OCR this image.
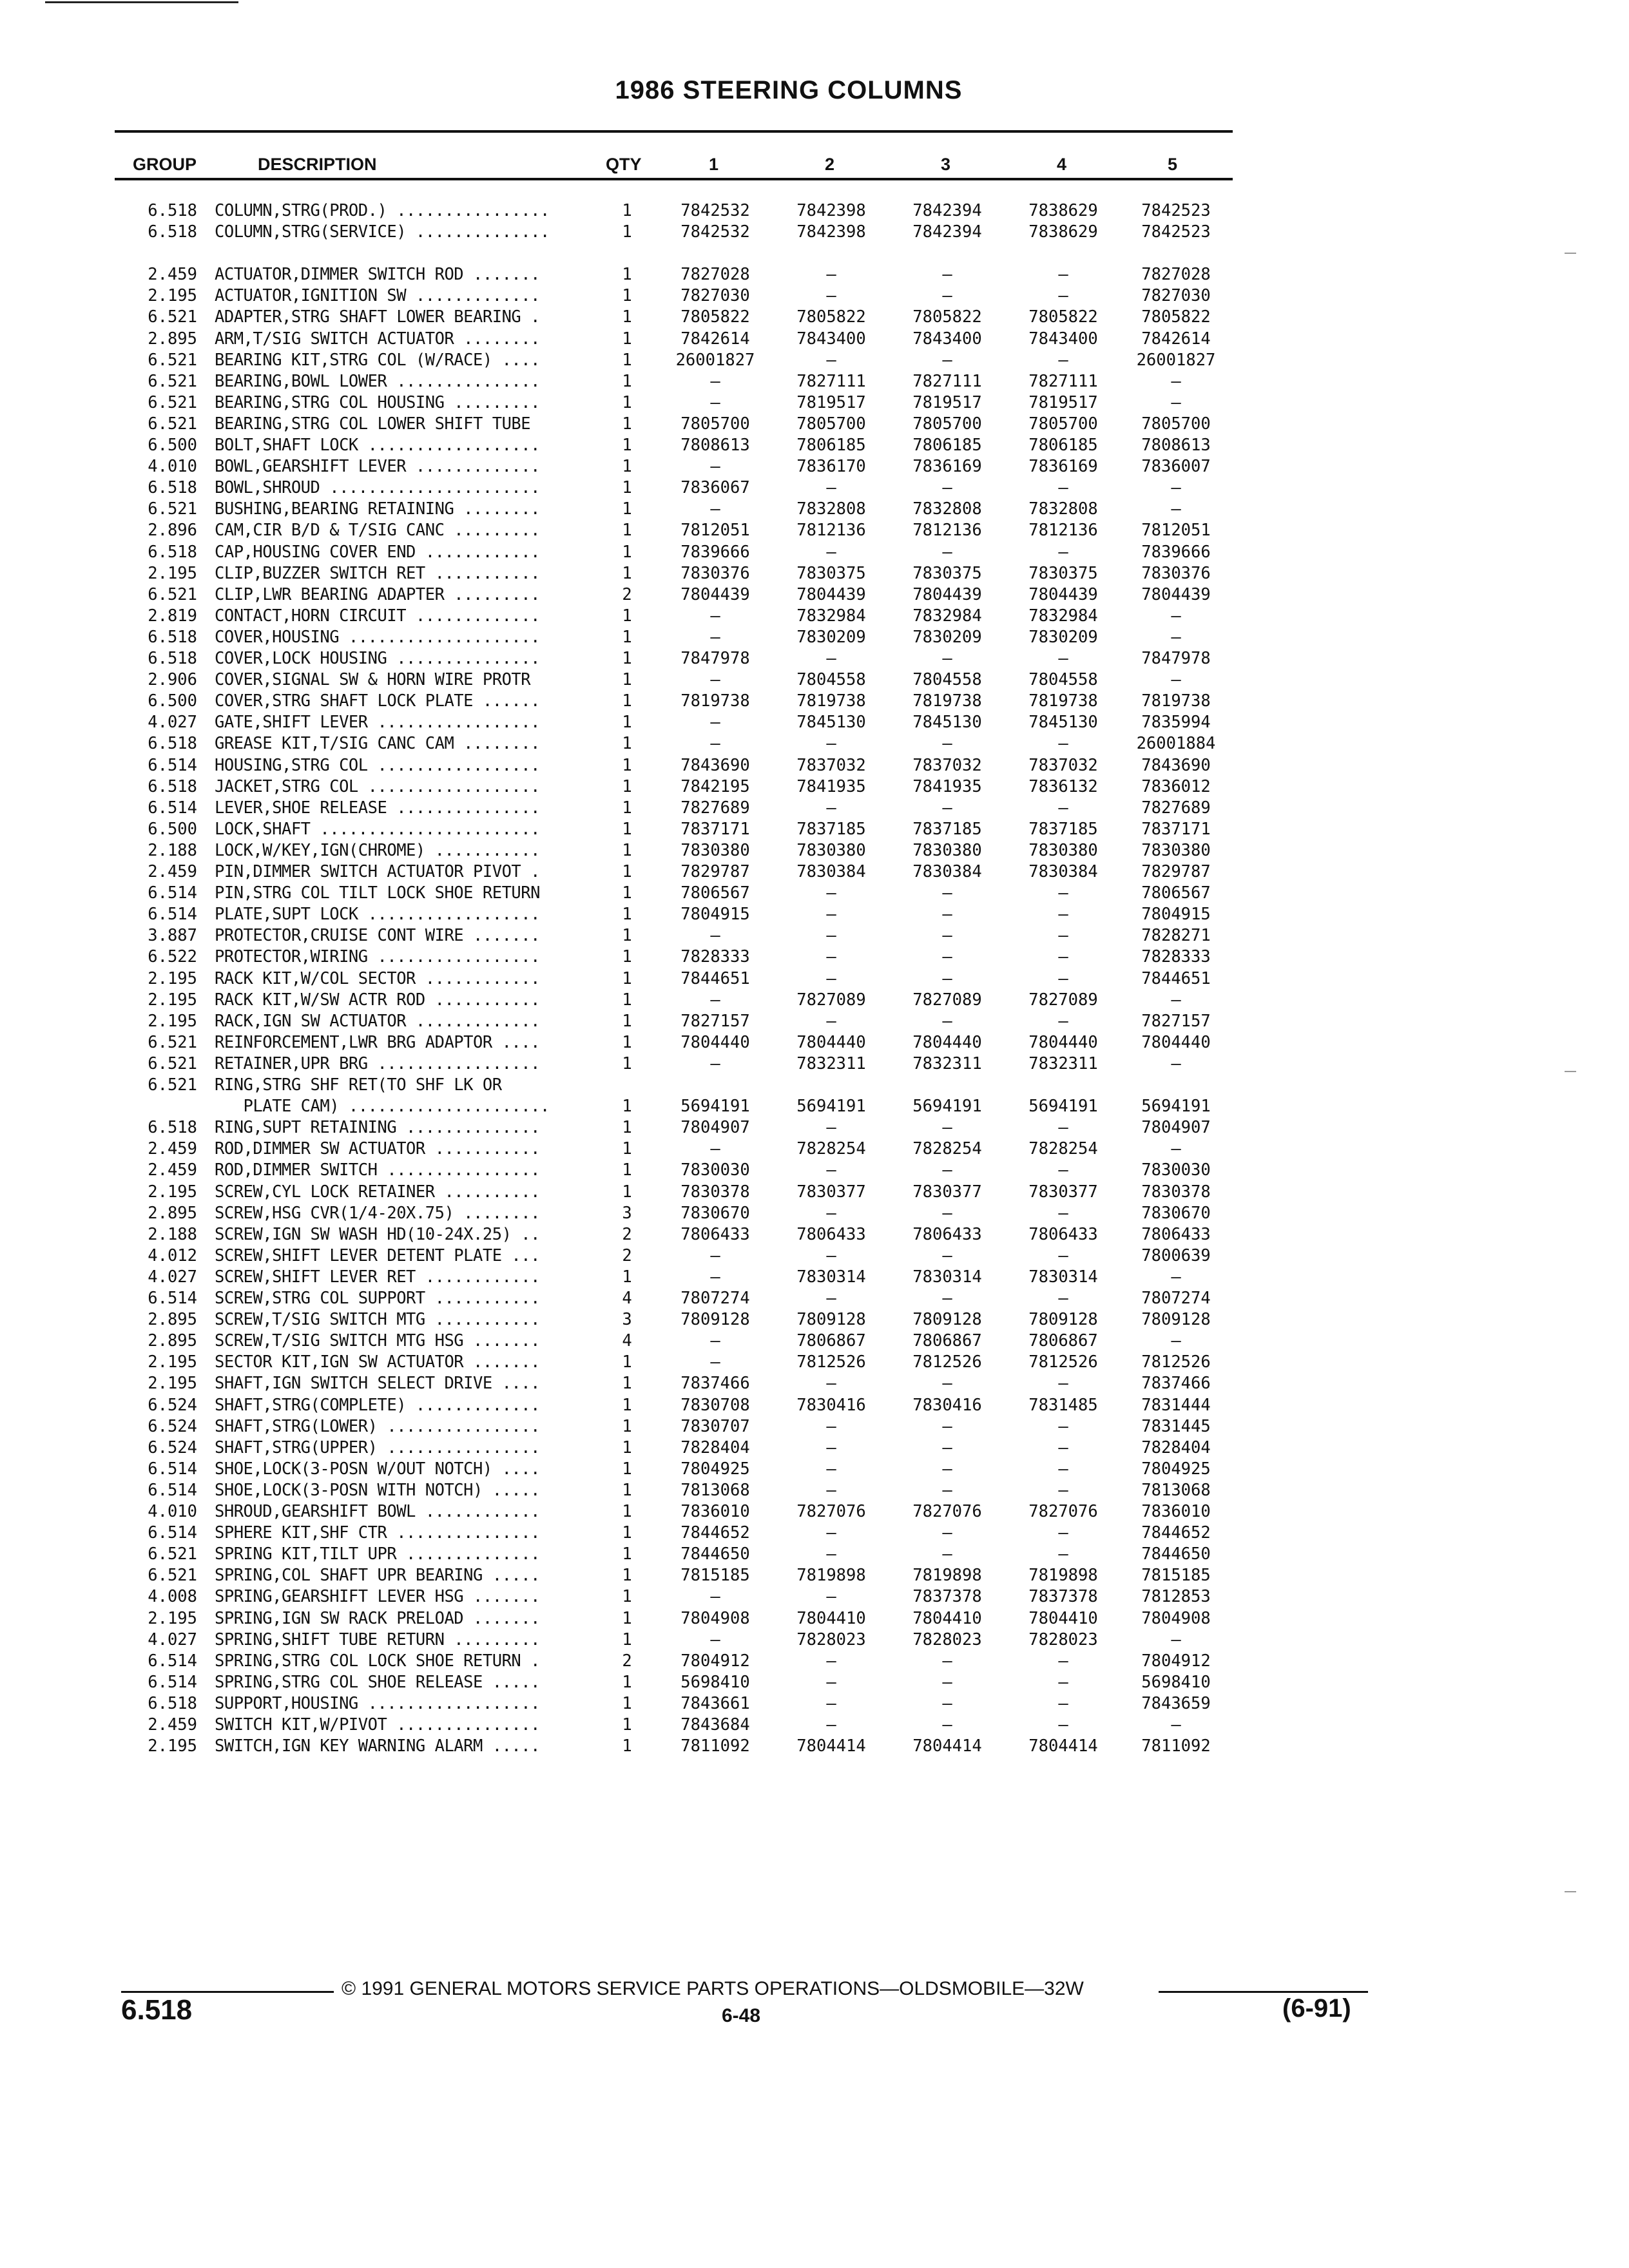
1986 STEERING COLUMNS
GROUP	DESCRIPTION	QTY	1	2	3	4	5
6.518 COLUMN,STRG(PROD.) ................	1	7842532	7842398	7842394	7838629	7842523
6.518 COLUMN,STRG(SERVICE) ..............	1	7842532	7842398	7842394	7838629	7842523
2.459 ACTUATOR,DIMMER SWITCH ROD .......	1	7827028	—	—	—	7827028
2.195 ACTUATOR,IGNITION SW .............	1	7827030	—	—	—	7827030
6.521 ADAPTER,STRG SHAFT LOWER BEARING .	1	7805822	7805822	7805822	7805822	7805822
2.895 ARM,T/SIG SWITCH ACTUATOR ........	1	7842614	7843400	7843400	7843400	7842614
6.521 BEARING KIT,STRG COL (W/RACE) ....	1	26001827	—	—	—	26001827
6.521 BEARING,BOWL LOWER ...............	1	—	7827111	7827111	7827111	—
6.521 BEARING,STRG COL HOUSING .........	1	—	7819517	7819517	7819517	—
6.521 BEARING,STRG COL LOWER SHIFT TUBE	1	7805700	7805700	7805700	7805700	7805700
6.500 BOLT,SHAFT LOCK ..................	1	7808613	7806185	7806185	7806185	7808613
4.010 BOWL,GEARSHIFT LEVER .............	1	—	7836170	7836169	7836169	7836007
6.518 BOWL,SHROUD ......................	1	7836067	—	—	—	—
6.521 BUSHING,BEARING RETAINING ........	1	—	7832808	7832808	7832808	—
2.896 CAM,CIR B/D & T/SIG CANC .........	1	7812051	7812136	7812136	7812136	7812051
6.518 CAP,HOUSING COVER END ............	1	7839666	—	—	—	7839666
2.195 CLIP,BUZZER SWITCH RET ...........	1	7830376	7830375	7830375	7830375	7830376
6.521 CLIP,LWR BEARING ADAPTER .........	2	7804439	7804439	7804439	7804439	7804439
2.819 CONTACT,HORN CIRCUIT .............	1	—	7832984	7832984	7832984	—
6.518 COVER,HOUSING ....................	1	—	7830209	7830209	7830209	—
6.518 COVER,LOCK HOUSING ...............	1	7847978	—	—	—	7847978
2.906 COVER,SIGNAL SW & HORN WIRE PROTR	1	—	7804558	7804558	7804558	—
6.500 COVER,STRG SHAFT LOCK PLATE ......	1	7819738	7819738	7819738	7819738	7819738
4.027 GATE,SHIFT LEVER .................	1	—	7845130	7845130	7845130	7835994
6.518 GREASE KIT,T/SIG CANC CAM ........	1	—	—	—	—	26001884
6.514 HOUSING,STRG COL .................	1	7843690	7837032	7837032	7837032	7843690
6.518 JACKET,STRG COL ..................	1	7842195	7841935	7841935	7836132	7836012
6.514 LEVER,SHOE RELEASE ...............	1	7827689	—	—	—	7827689
6.500 LOCK,SHAFT .......................	1	7837171	7837185	7837185	7837185	7837171
2.188 LOCK,W/KEY,IGN(CHROME) ...........	1	7830380	7830380	7830380	7830380	7830380
2.459 PIN,DIMMER SWITCH ACTUATOR PIVOT .	1	7829787	7830384	7830384	7830384	7829787
6.514 PIN,STRG COL TILT LOCK SHOE RETURN	1	7806567	—	—	—	7806567
6.514 PLATE,SUPT LOCK ..................	1	7804915	—	—	—	7804915
3.887 PROTECTOR,CRUISE CONT WIRE .......	1	—	—	—	—	7828271
6.522 PROTECTOR,WIRING .................	1	7828333	—	—	—	7828333
2.195 RACK KIT,W/COL SECTOR ............	1	7844651	—	—	—	7844651
2.195 RACK KIT,W/SW ACTR ROD ...........	1	—	7827089	7827089	7827089	—
2.195 RACK,IGN SW ACTUATOR .............	1	7827157	—	—	—	7827157
6.521 REINFORCEMENT,LWR BRG ADAPTOR ....	1	7804440	7804440	7804440	7804440	7804440
6.521 RETAINER,UPR BRG .................	1	—	7832311	7832311	7832311	—
6.521 RING,STRG SHF RET(TO SHF LK OR
PLATE CAM) .....................	1	5694191	5694191	5694191	5694191	5694191
6.518 RING,SUPT RETAINING ..............	1	7804907	—	—	—	7804907
2.459 ROD,DIMMER SW ACTUATOR ...........	1	—	7828254	7828254	7828254	—
2.459 ROD,DIMMER SWITCH ................	1	7830030	—	—	—	7830030
2.195 SCREW,CYL LOCK RETAINER ..........	1	7830378	7830377	7830377	7830377	7830378
2.895 SCREW,HSG CVR(1/4-20X.75) ........	3	7830670	—	—	—	7830670
2.188 SCREW,IGN SW WASH HD(10-24X.25) ..	2	7806433	7806433	7806433	7806433	7806433
4.012 SCREW,SHIFT LEVER DETENT PLATE ...	2	—	—	—	—	7800639
4.027 SCREW,SHIFT LEVER RET ............	1	—	7830314	7830314	7830314	—
6.514 SCREW,STRG COL SUPPORT ...........	4	7807274	—	—	—	7807274
2.895 SCREW,T/SIG SWITCH MTG ...........	3	7809128	7809128	7809128	7809128	7809128
2.895 SCREW,T/SIG SWITCH MTG HSG .......	4	—	7806867	7806867	7806867	—
2.195 SECTOR KIT,IGN SW ACTUATOR .......	1	—	7812526	7812526	7812526	7812526
2.195 SHAFT,IGN SWITCH SELECT DRIVE ....	1	7837466	—	—	—	7837466
6.524 SHAFT,STRG(COMPLETE) .............	1	7830708	7830416	7830416	7831485	7831444
6.524 SHAFT,STRG(LOWER) ................	1	7830707	—	—	—	7831445
6.524 SHAFT,STRG(UPPER) ................	1	7828404	—	—	—	7828404
6.514 SHOE,LOCK(3-POSN W/OUT NOTCH) ....	1	7804925	—	—	—	7804925
6.514 SHOE,LOCK(3-POSN WITH NOTCH) .....	1	7813068	—	—	—	7813068
4.010 SHROUD,GEARSHIFT BOWL ............	1	7836010	7827076	7827076	7827076	7836010
6.514 SPHERE KIT,SHF CTR ...............	1	7844652	—	—	—	7844652
6.521 SPRING KIT,TILT UPR ..............	1	7844650	—	—	—	7844650
6.521 SPRING,COL SHAFT UPR BEARING .....	1	7815185	7819898	7819898	7819898	7815185
4.008 SPRING,GEARSHIFT LEVER HSG .......	1	—	—	7837378	7837378	7812853
2.195 SPRING,IGN SW RACK PRELOAD .......	1	7804908	7804410	7804410	7804410	7804908
4.027 SPRING,SHIFT TUBE RETURN .........	1	—	7828023	7828023	7828023	—
6.514 SPRING,STRG COL LOCK SHOE RETURN .	2	7804912	—	—	—	7804912
6.514 SPRING,STRG COL SHOE RELEASE .....	1	5698410	—	—	—	5698410
6.518 SUPPORT,HOUSING ..................	1	7843661	—	—	—	7843659
2.459 SWITCH KIT,W/PIVOT ...............	1	7843684	—	—	—	—
2.195 SWITCH,IGN KEY WARNING ALARM .....	1	7811092	7804414	7804414	7804414	7811092
© 1991 GENERAL MOTORS SERVICE PARTS OPERATIONS—OLDSMOBILE—32W
6-48
6.518	(6-91)
